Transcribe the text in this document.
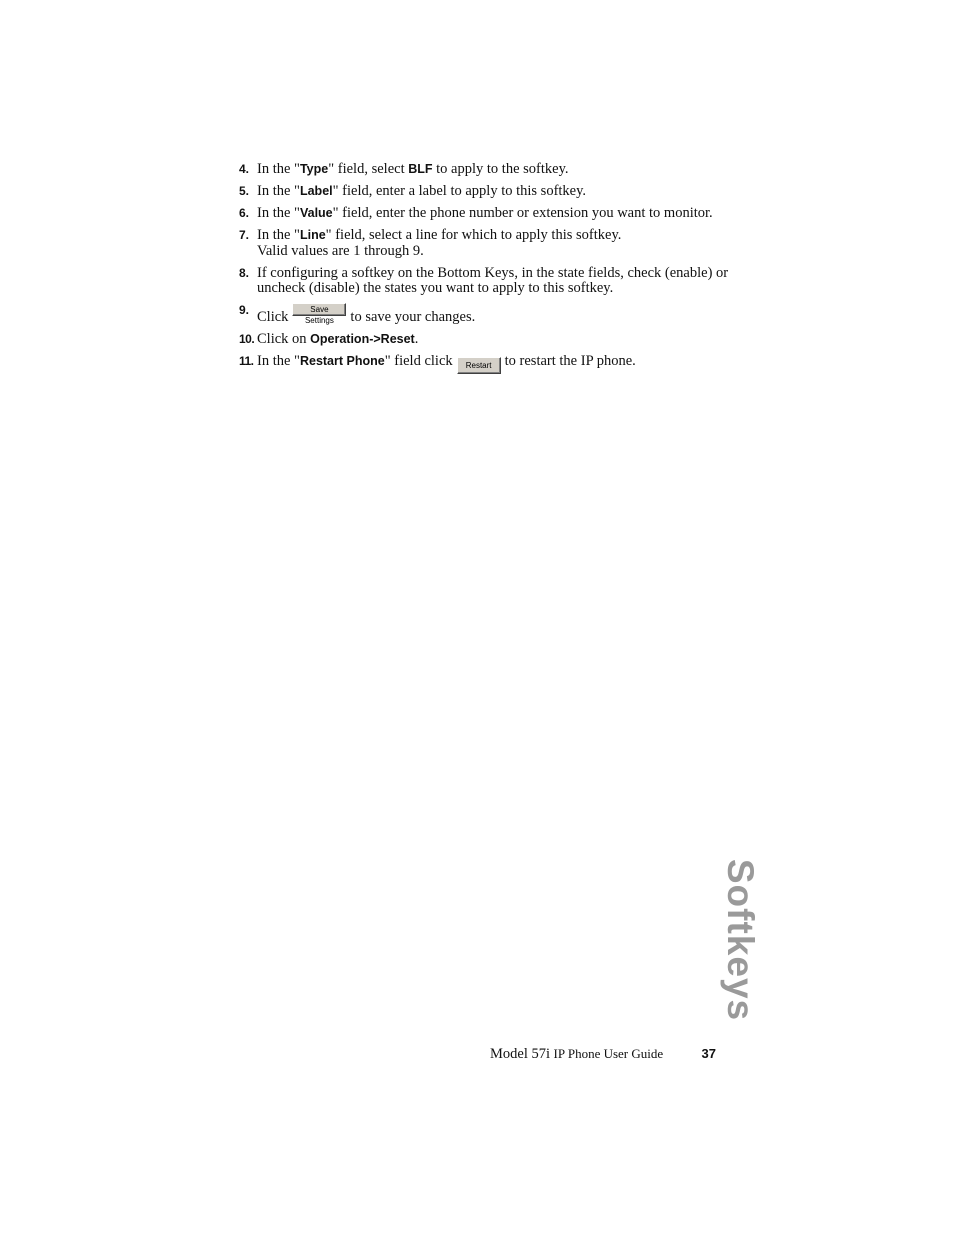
4. In the "Type" field, select BLF to apply to the softkey.
5. In the "Label" field, enter a label to apply to this softkey.
6. In the "Value" field, enter the phone number or extension you want to monitor.
7. In the "Line" field, select a line for which to apply this softkey.
Valid values are 1 through 9.
8. If configuring a softkey on the Bottom Keys, in the state fields, check (enable) or uncheck (disable) the states you want to apply to this softkey.
9. Click	Save Settings to save your changes.
10. Click on Operation->Reset.
11. In the "Restart Phone" field click Restart to restart the IP phone.
Softkeys
Model 57i IP Phone User Guide	37
